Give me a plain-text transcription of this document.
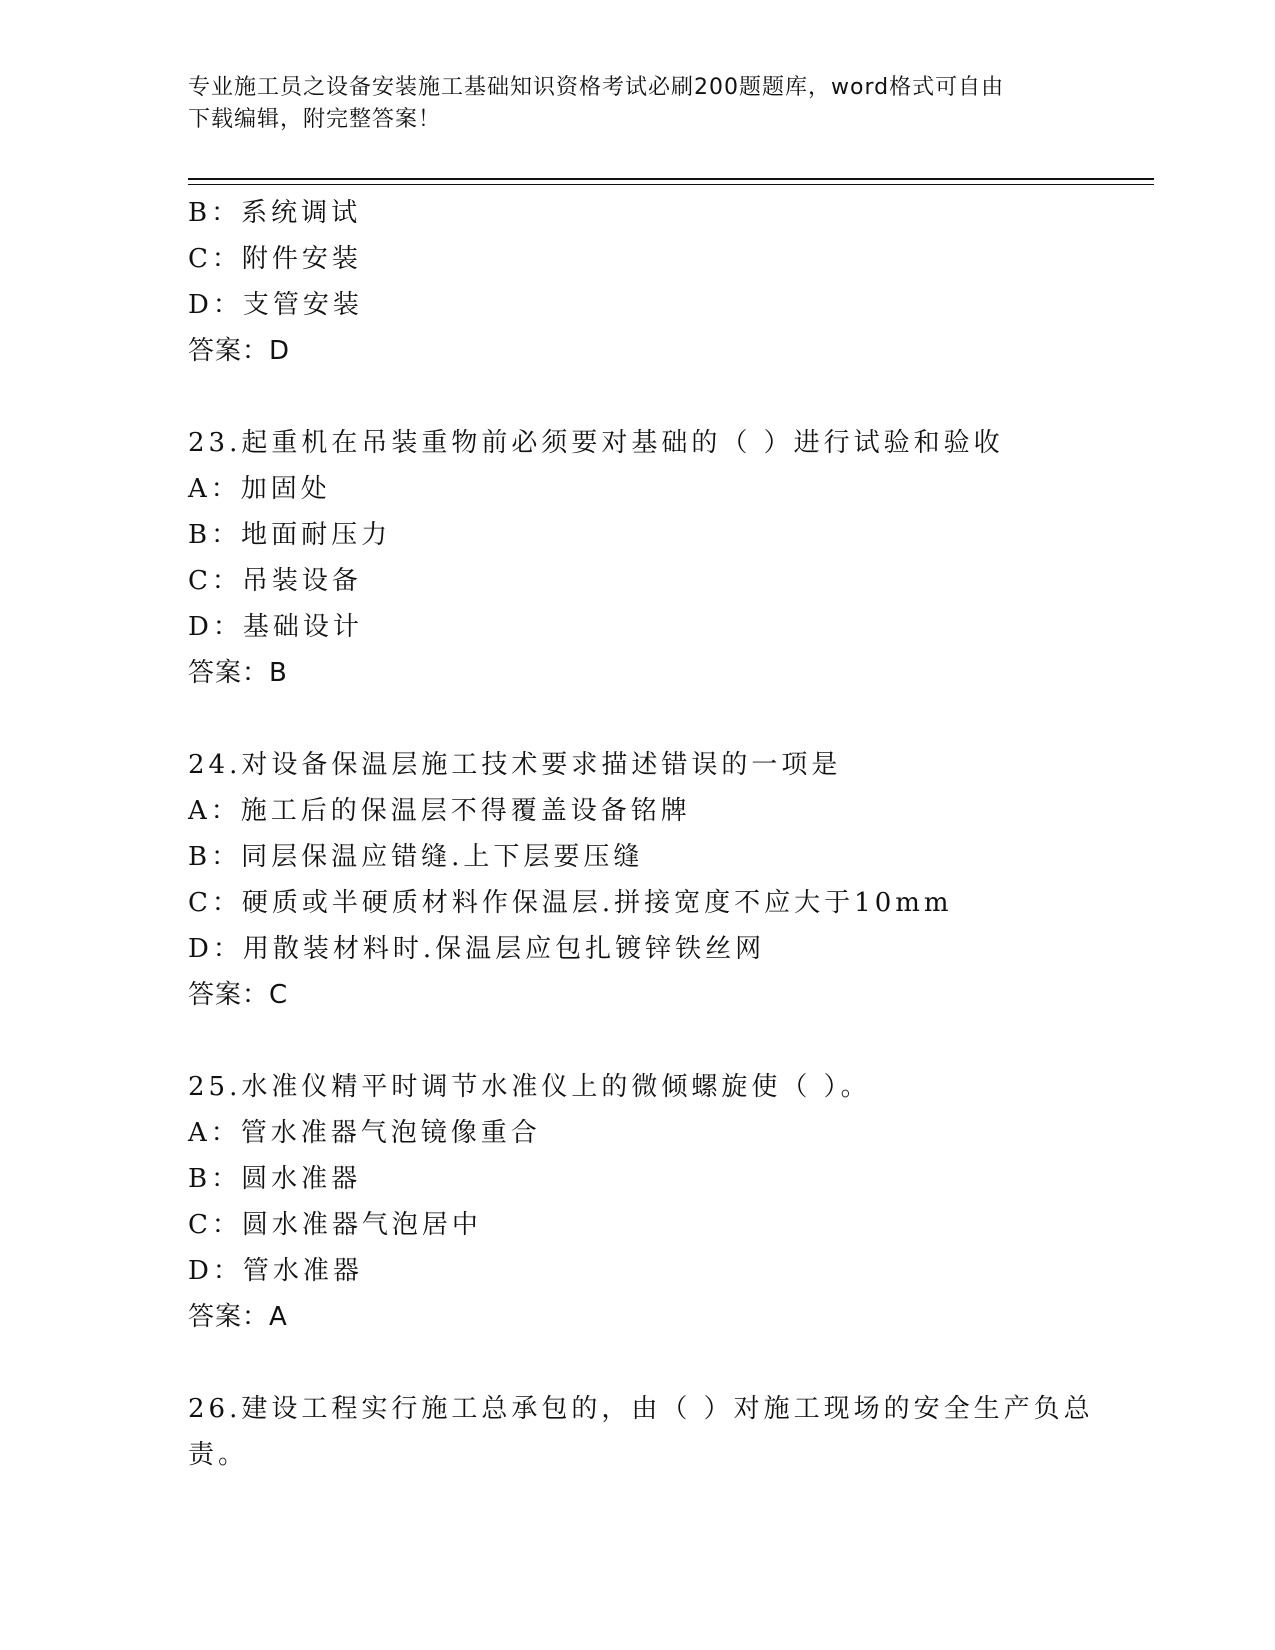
专业施工员之设备安装施工基础知识资格考试必刷200题题库，word格式可自由
下载编辑，附完整答案！
B：系统调试
C：附件安装
D：支管安装
答案：D
23.起重机在吊装重物前必须要对基础的（ ）进行试验和验收
A：加固处
B：地面耐压力
C：吊装设备
D：基础设计
答案：B
24.对设备保温层施工技术要求描述错误的一项是
A：施工后的保温层不得覆盖设备铭牌
B：同层保温应错缝.上下层要压缝
C：硬质或半硬质材料作保温层.拼接宽度不应大于10mm
D：用散装材料时.保温层应包扎镀锌铁丝网
答案：C
25.水准仪精平时调节水准仪上的微倾螺旋使（ ）。
A：管水准器气泡镜像重合
B：圆水准器
C：圆水准器气泡居中
D：管水准器
答案：A
26.建设工程实行施工总承包的，由（ ）对施工现场的安全生产负总
责。
